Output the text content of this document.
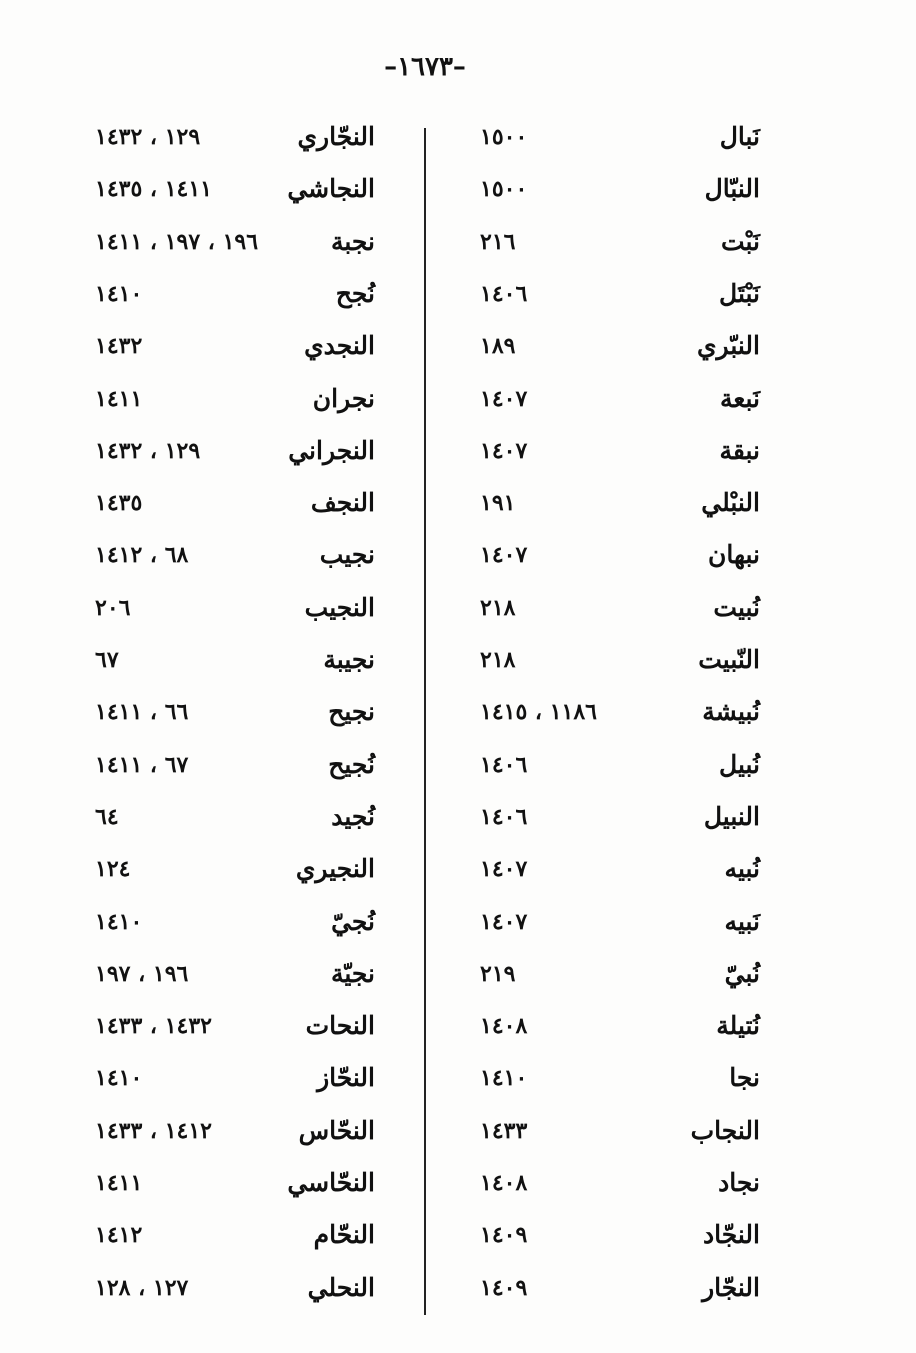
–١٦٧٣–
نَبال
١٥٠٠
النبّال
١٥٠٠
نَبْت
٢١٦
نَبْتَل
١٤٠٦
النبّري
١٨٩
نَبعة
١٤٠٧
نبقة
١٤٠٧
النبْلي
١٩١
نبهان
١٤٠٧
نُبيت
٢١٨
النّبيت
٢١٨
نُبيشة
١١٨٦ ، ١٤١٥
نُبيل
١٤٠٦
النبيل
١٤٠٦
نُبيه
١٤٠٧
نَبيه
١٤٠٧
نُبيّ
٢١٩
نُتيلة
١٤٠٨
نجا
١٤١٠
النجاب
١٤٣٣
نجاد
١٤٠٨
النجّاد
١٤٠٩
النجّار
١٤٠٩
النجّاري
١٢٩ ، ١٤٣٢
النجاشي
١٤١١ ، ١٤٣٥
نجبة
١٩٦ ، ١٩٧ ، ١٤١١
نُجح
١٤١٠
النجدي
١٤٣٢
نجران
١٤١١
النجراني
١٢٩ ، ١٤٣٢
النجف
١٤٣٥
نجيب
٦٨ ، ١٤١٢
النجيب
٢٠٦
نجيبة
٦٧
نجيح
٦٦ ، ١٤١١
نُجيح
٦٧ ، ١٤١١
نُجيد
٦٤
النجيري
١٢٤
نُجيّ
١٤١٠
نجيّة
١٩٦ ، ١٩٧
النحات
١٤٣٢ ، ١٤٣٣
النحّاز
١٤١٠
النحّاس
١٤١٢ ، ١٤٣٣
النحّاسي
١٤١١
النحّام
١٤١٢
النحلي
١٢٧ ، ١٢٨
